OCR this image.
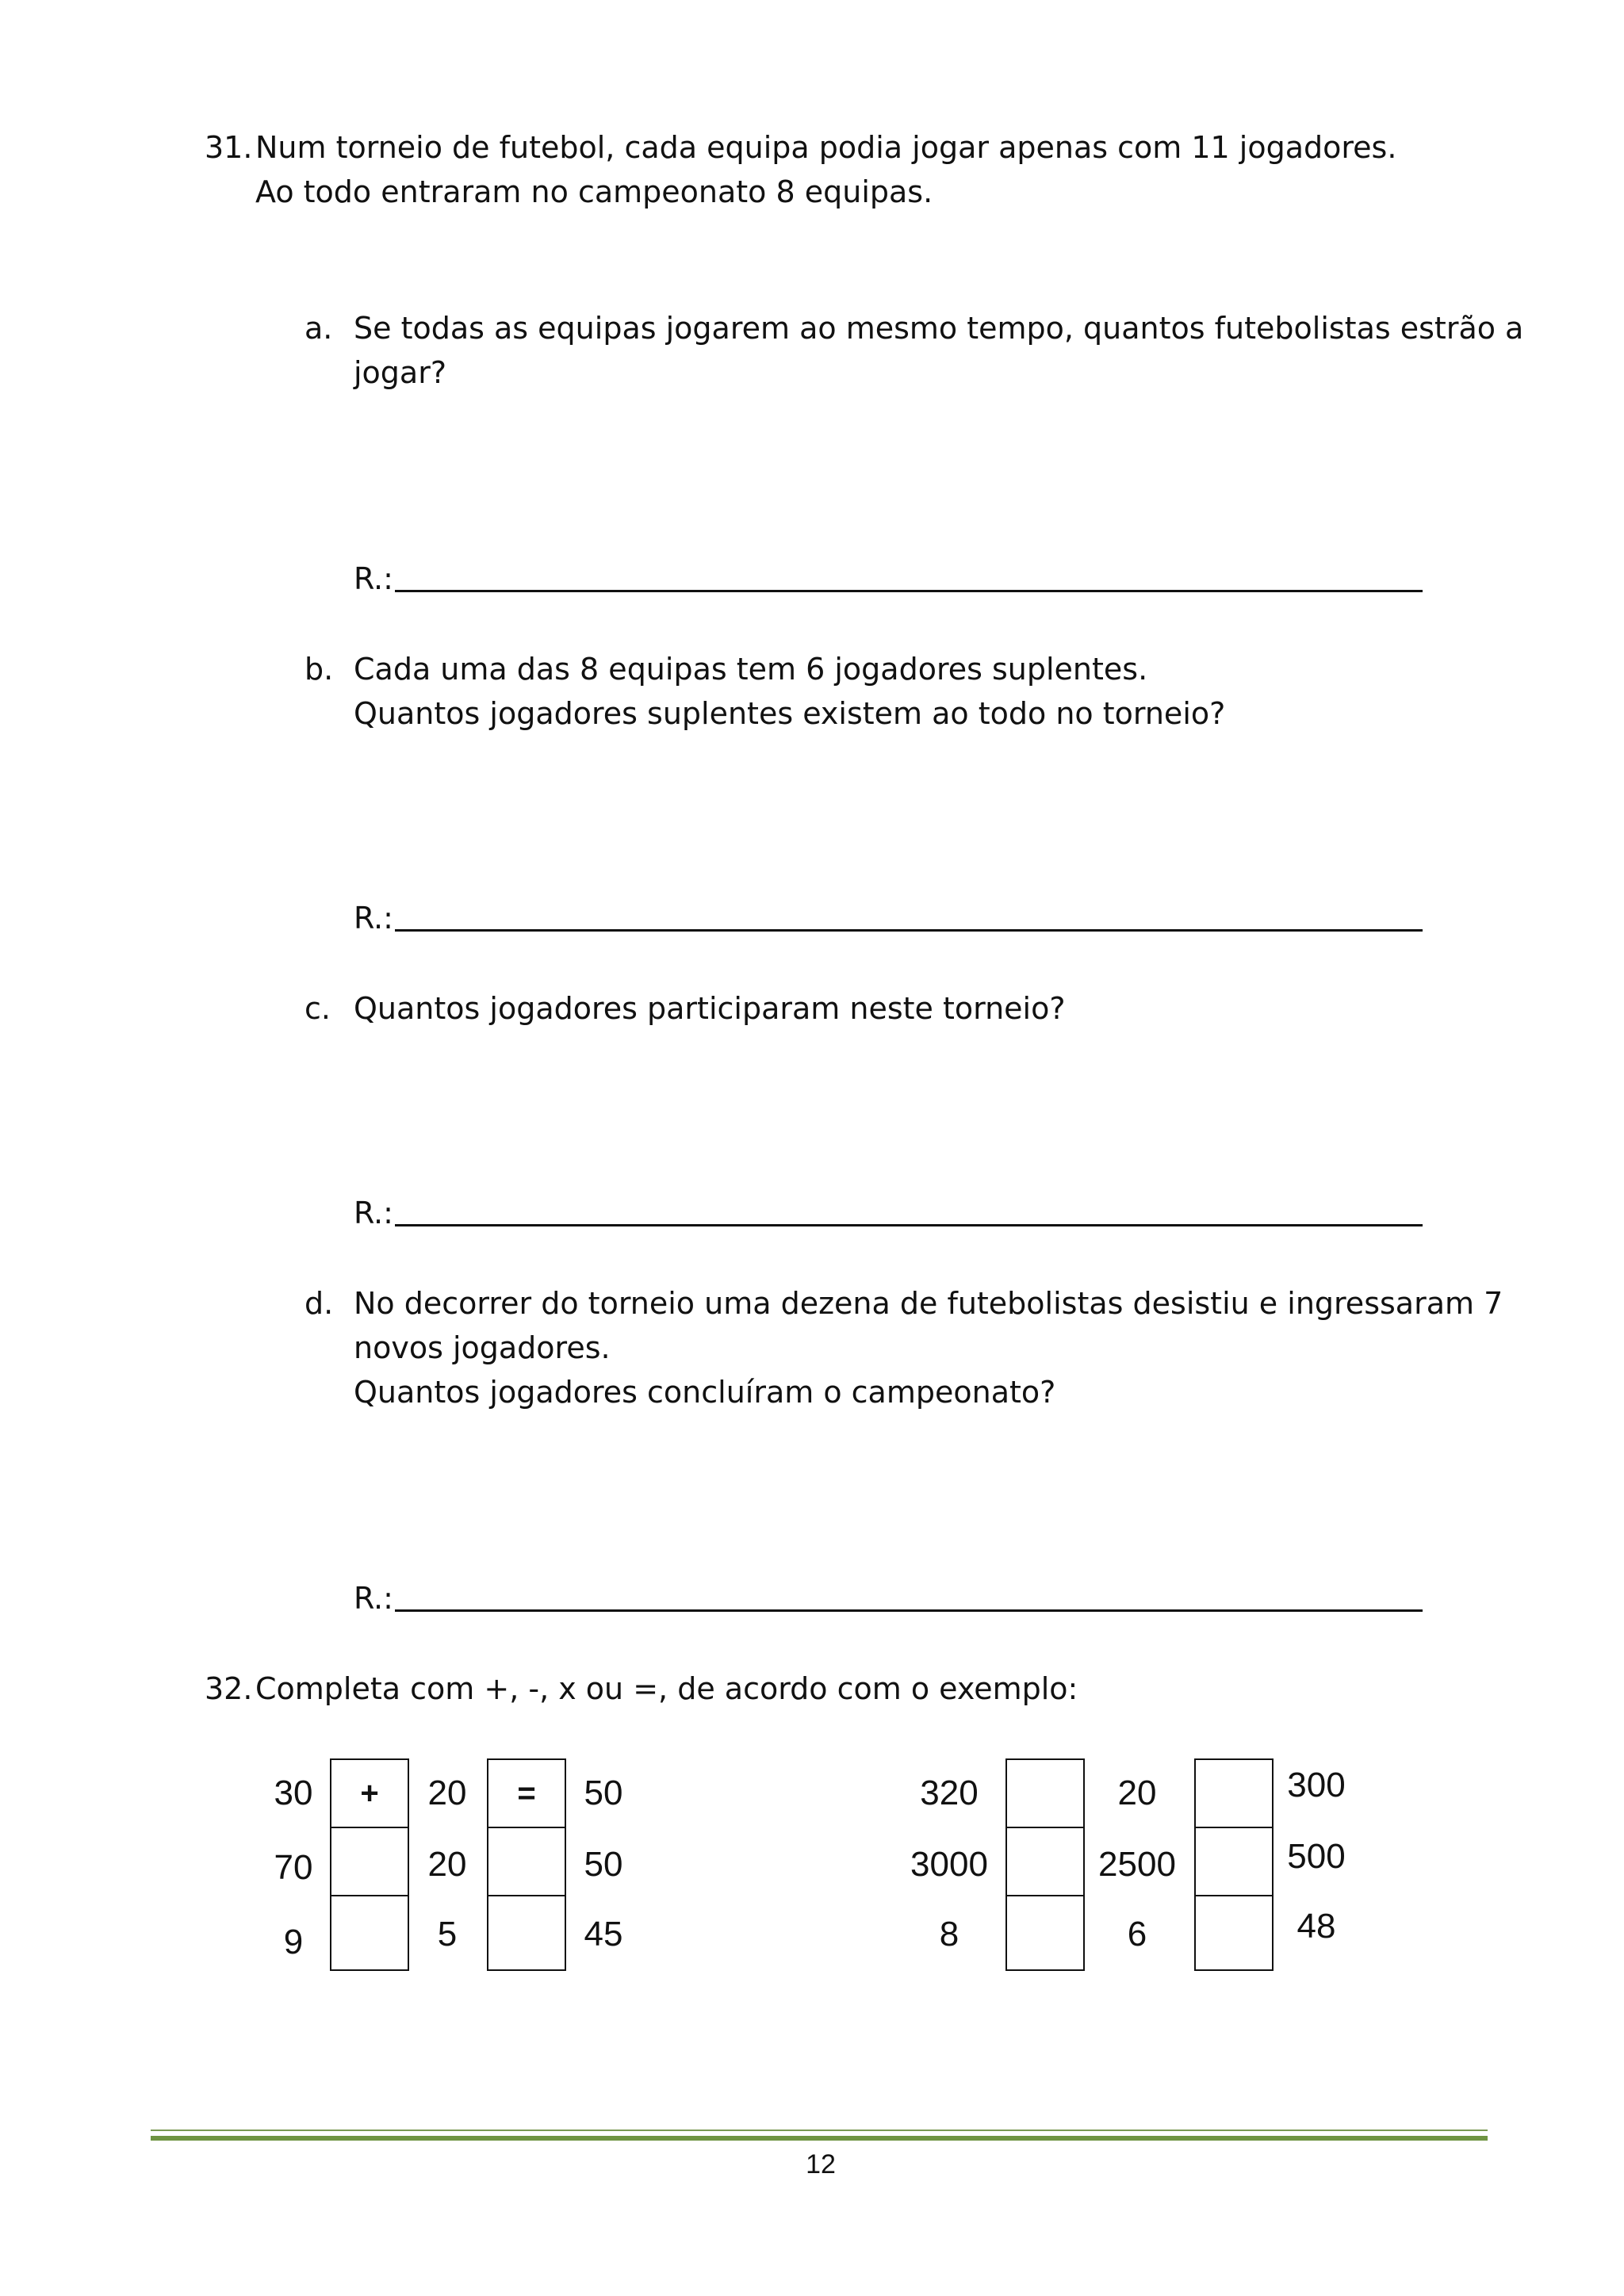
31. Num torneio de futebol, cada equipa podia jogar apenas com 11 jogadores.
Ao todo entraram no campeonato 8 equipas.
a. Se todas as equipas jogarem ao mesmo tempo, quantos futebolistas estrão a
jogar?
R.:
b. Cada uma das 8 equipas tem 6 jogadores suplentes.
Quantos jogadores suplentes existem ao todo no torneio?
R.:
c. Quantos jogadores participaram neste torneio?
R.:
d. No decorrer do torneio uma dezena de futebolistas desistiu e ingressaram 7
novos jogadores.
Quantos jogadores concluíram o campeonato?
R.:
32. Completa com +, -, x ou =, de acordo com o exemplo:
30
70
9
+	20
20
5
=	50
50
45
320
3000
8
20
2500
6
300
500
48
12
